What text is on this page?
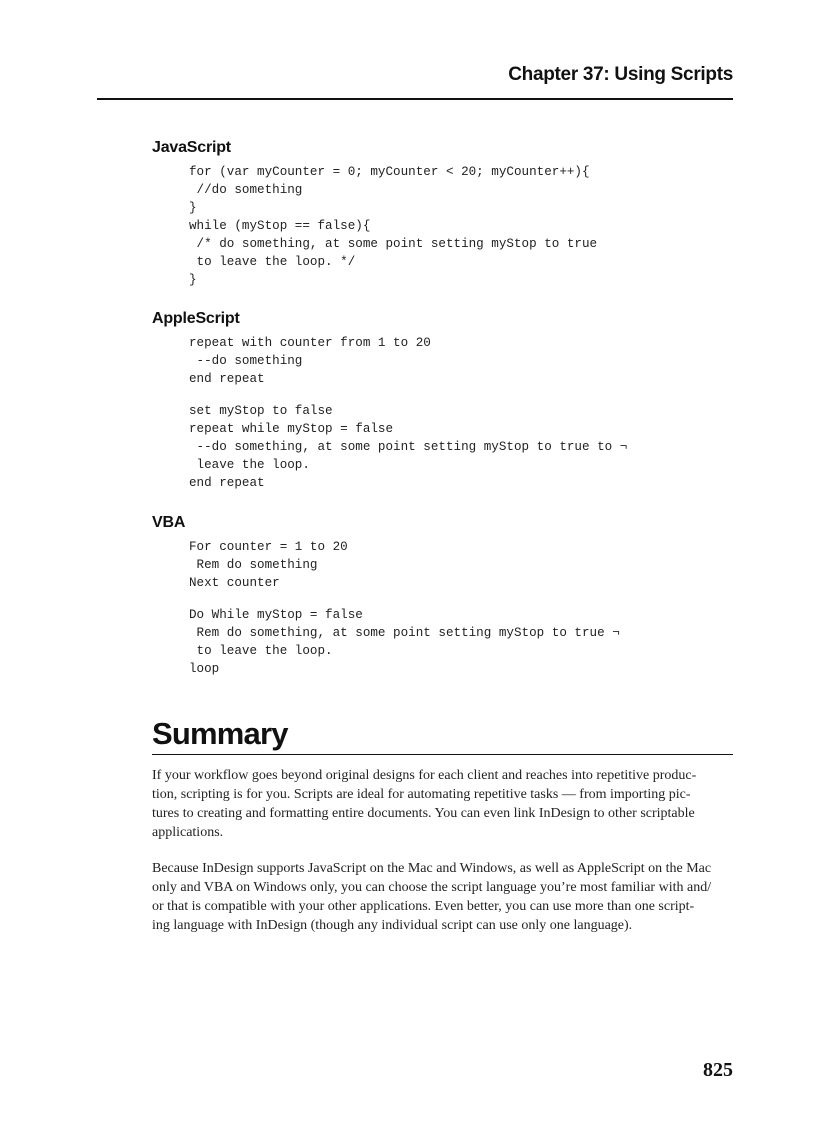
Chapter 37: Using Scripts
JavaScript
for (var myCounter = 0; myCounter < 20; myCounter++){
//do something
}
while (myStop == false){
/* do something, at some point setting myStop to true
to leave the loop. */
}
AppleScript
repeat with counter from 1 to 20
--do something
end repeat
set myStop to false
repeat while myStop = false
--do something, at some point setting myStop to true to ¬
leave the loop.
end repeat
VBA
For counter = 1 to 20
Rem do something
Next counter
Do While myStop = false
Rem do something, at some point setting myStop to true ¬
to leave the loop.
loop
Summary
If your workflow goes beyond original designs for each client and reaches into repetitive produc-
tion, scripting is for you. Scripts are ideal for automating repetitive tasks — from importing pic-
tures to creating and formatting entire documents. You can even link InDesign to other scriptable
applications.
Because InDesign supports JavaScript on the Mac and Windows, as well as AppleScript on the Mac
only and VBA on Windows only, you can choose the script language you’re most familiar with and/
or that is compatible with your other applications. Even better, you can use more than one script-
ing language with InDesign (though any individual script can use only one language).
825
